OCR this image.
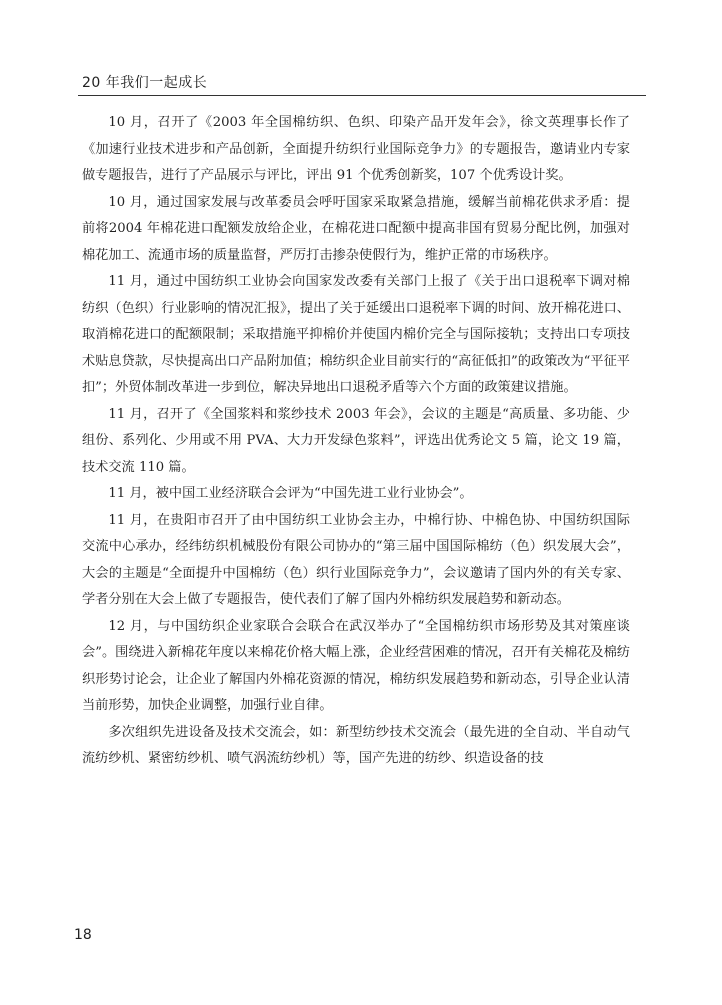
20 年我们一起成长

10 月，召开了《2003 年全国棉纺织、色织、印染产品开发年会》，徐文英理事长作了《加速行业技术进步和产品创新，全面提升纺织行业国际竞争力》的专题报告，邀请业内专家做专题报告，进行了产品展示与评比，评出 91 个优秀创新奖，107 个优秀设计奖。

10 月，通过国家发展与改革委员会呼吁国家采取紧急措施，缓解当前棉花供求矛盾：提前将2004 年棉花进口配额发放给企业，在棉花进口配额中提高非国有贸易分配比例，加强对棉花加工、流通市场的质量监督，严厉打击掺杂使假行为，维护正常的市场秩序。

11 月，通过中国纺织工业协会向国家发改委有关部门上报了《关于出口退税率下调对棉纺织（色织）行业影响的情况汇报》，提出了关于延缓出口退税率下调的时间、放开棉花进口、取消棉花进口的配额限制；采取措施平抑棉价并使国内棉价完全与国际接轨；支持出口专项技术贴息贷款，尽快提高出口产品附加值；棉纺织企业目前实行的“高征低扣”的政策改为“平征平扣”；外贸体制改革进一步到位，解决异地出口退税矛盾等六个方面的政策建议措施。

11 月，召开了《全国浆料和浆纱技术 2003 年会》，会议的主题是“高质量、多功能、少组份、系列化、少用或不用 PVA、大力开发绿色浆料”，评选出优秀论文 5 篇，论文 19 篇，技术交流 110 篇。

11 月，被中国工业经济联合会评为“中国先进工业行业协会”。

11 月，在贵阳市召开了由中国纺织工业协会主办，中棉行协、中棉色协、中国纺织国际交流中心承办，经纬纺织机械股份有限公司协办的“第三届中国国际棉纺（色）织发展大会”，大会的主题是“全面提升中国棉纺（色）织行业国际竞争力”，会议邀请了国内外的有关专家、学者分别在大会上做了专题报告，使代表们了解了国内外棉纺织发展趋势和新动态。

12 月，与中国纺织企业家联合会联合在武汉举办了“全国棉纺织市场形势及其对策座谈会”。围绕进入新棉花年度以来棉花价格大幅上涨，企业经营困难的情况，召开有关棉花及棉纺织形势讨论会，让企业了解国内外棉花资源的情况，棉纺织发展趋势和新动态，引导企业认清当前形势，加快企业调整，加强行业自律。

多次组织先进设备及技术交流会，如：新型纺纱技术交流会（最先进的全自动、半自动气流纺纱机、紧密纺纱机、喷气涡流纺纱机）等，国产先进的纺纱、织造设备的技

18
